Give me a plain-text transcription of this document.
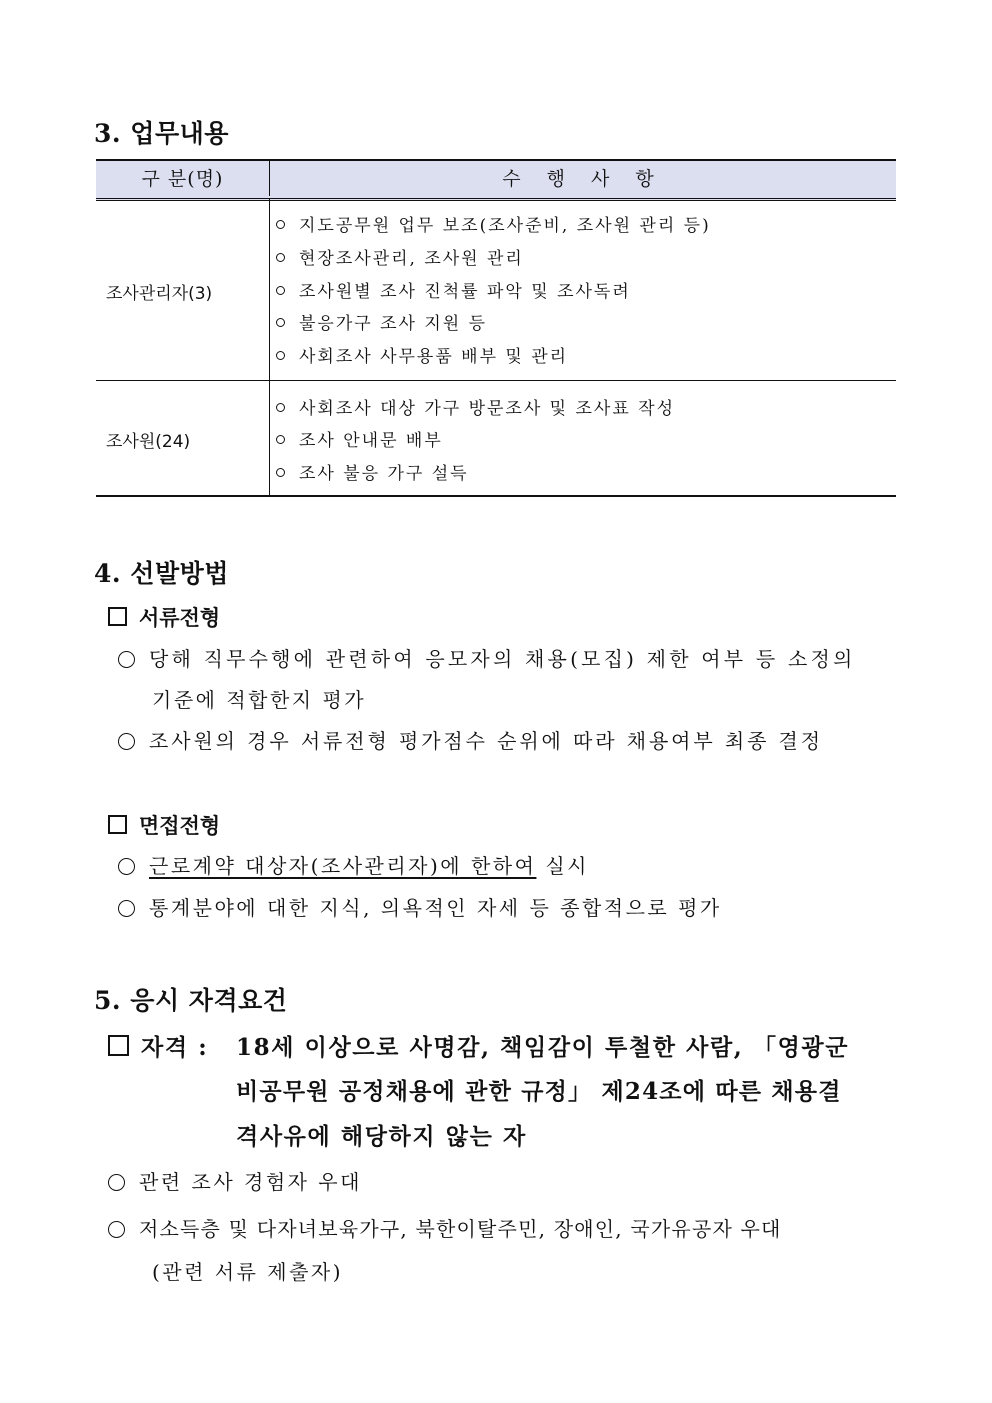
3. 업무내용
구 분(명)	수 행 사 항
조사관리자(3)
지도공무원 업무 보조(조사준비, 조사원 관리 등)
현장조사관리, 조사원 관리
조사원별 조사 진척률 파악 및 조사독려
불응가구 조사 지원 등
사회조사 사무용품 배부 및 관리
조사원(24)
사회조사 대상 가구 방문조사 및 조사표 작성
조사 안내문 배부
조사 불응 가구 설득
4. 선발방법
서류전형
당해 직무수행에 관련하여 응모자의 채용(모집) 제한 여부 등 소정의
기준에 적합한지 평가
조사원의 경우 서류전형 평가점수 순위에 따라 채용여부 최종 결정
면접전형
근로계약 대상자(조사관리자)에 한하여 실시
통계분야에 대한 지식, 의욕적인 자세 등 종합적으로 평가
5. 응시 자격요건
자격 : 18세 이상으로 사명감, 책임감이 투철한 사람, 「영광군
비공무원 공정채용에 관한 규정」 제24조에 따른 채용결
격사유에 해당하지 않는 자
관련 조사 경험자 우대
저소득층 및 다자녀보육가구, 북한이탈주민, 장애인, 국가유공자 우대
(관련 서류 제출자)
